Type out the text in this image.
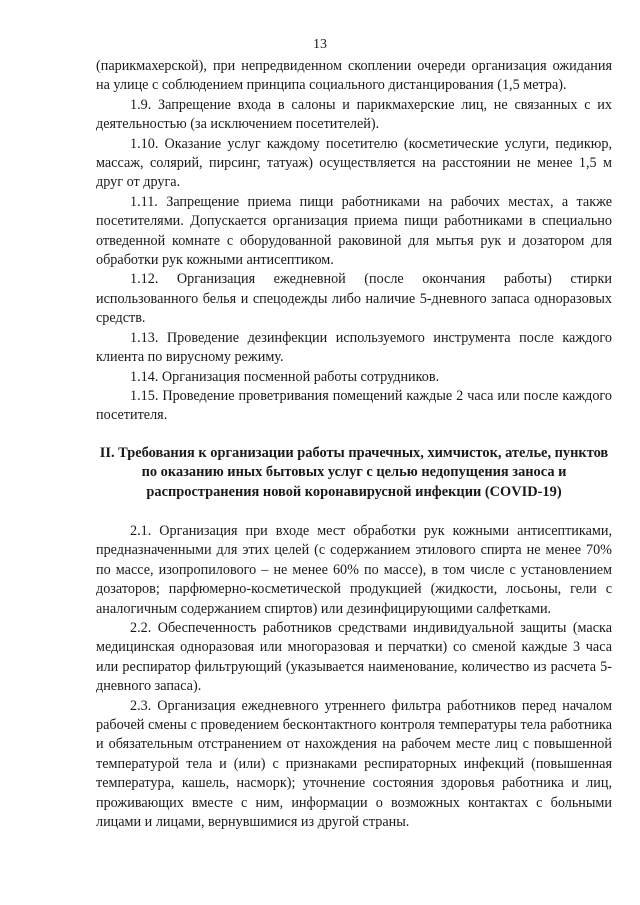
13

(парикмахерской), при непредвиденном скоплении очереди организация ожидания на улице с соблюдением принципа социального дистанцирования (1,5 метра).

1.9. Запрещение входа в салоны и парикмахерские лиц, не связанных с их деятельностью (за исключением посетителей).

1.10. Оказание услуг каждому посетителю (косметические услуги, педикюр, массаж, солярий, пирсинг, татуаж) осуществляется на расстоянии не менее 1,5 м друг от друга.

1.11. Запрещение приема пищи работниками на рабочих местах, а также посетителями. Допускается организация приема пищи работниками в специально отведенной комнате с оборудованной раковиной для мытья рук и дозатором для обработки рук кожными антисептиком.

1.12. Организация ежедневной (после окончания работы) стирки использованного белья и спецодежды либо наличие 5-дневного запаса одноразовых средств.

1.13. Проведение дезинфекции используемого инструмента после каждого клиента по вирусному режиму.

1.14. Организация посменной работы сотрудников.

1.15. Проведение проветривания помещений каждые 2 часа или после каждого посетителя.

II. Требования к организации работы прачечных, химчисток, ателье, пунктов по оказанию иных бытовых услуг с целью недопущения заноса и распространения новой коронавирусной инфекции (COVID-19)

2.1. Организация при входе мест обработки рук кожными антисептиками, предназначенными для этих целей (с содержанием этилового спирта не менее 70% по массе, изопропилового – не менее 60% по массе), в том числе с установлением дозаторов; парфюмерно-косметической продукцией (жидкости, лосьоны, гели с аналогичным содержанием спиртов) или дезинфицирующими салфетками.

2.2. Обеспеченность работников средствами индивидуальной защиты (маска медицинская одноразовая или многоразовая и перчатки) со сменой каждые 3 часа или респиратор фильтрующий (указывается наименование, количество из расчета 5-дневного запаса).

2.3. Организация ежедневного утреннего фильтра работников перед началом рабочей смены с проведением бесконтактного контроля температуры тела работника и обязательным отстранением от нахождения на рабочем месте лиц с повышенной температурой тела и (или) с признаками респираторных инфекций (повышенная температура, кашель, насморк); уточнение состояния здоровья работника и лиц, проживающих вместе с ним, информации о возможных контактах с больными лицами и лицами, вернувшимися из другой страны.
